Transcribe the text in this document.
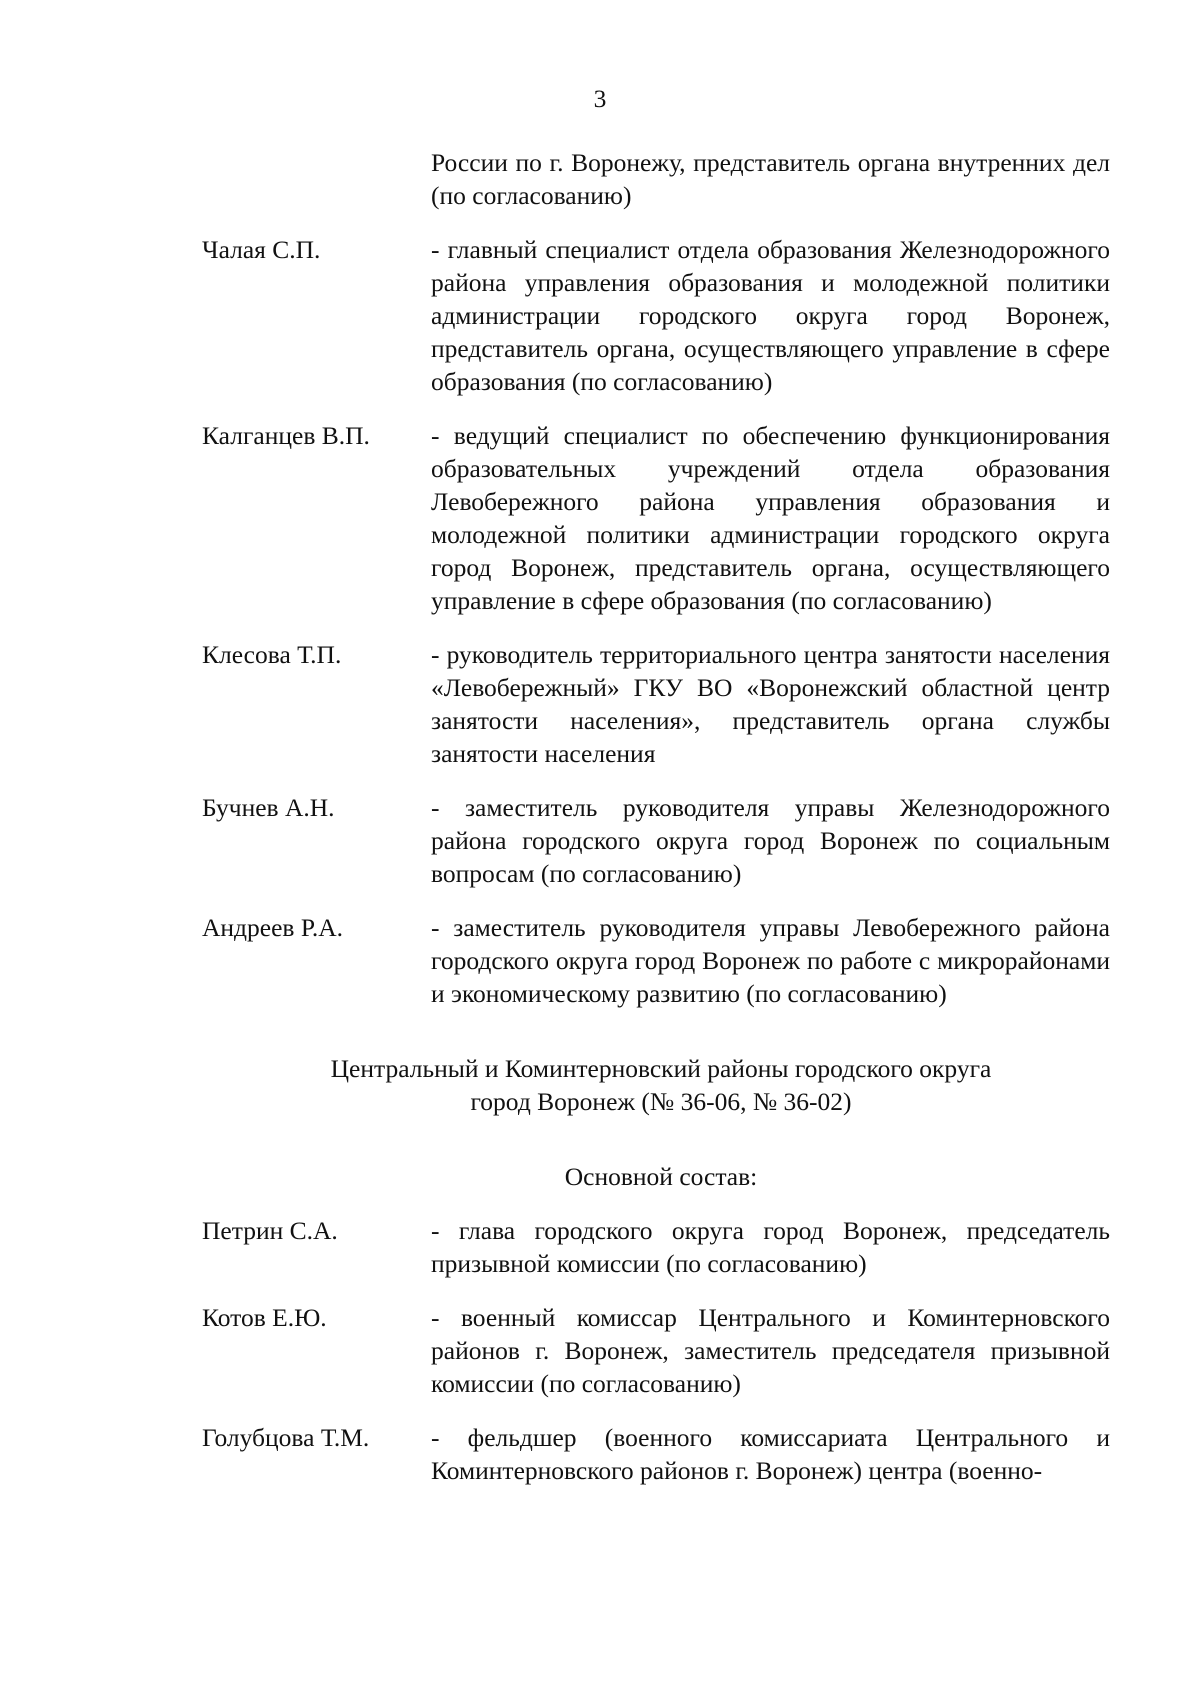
3
России по г. Воронежу, представитель органа внутренних дел (по согласованию)
Чалая С.П.	- главный специалист отдела образования Железнодорожного района управления образования и молодежной политики администрации городского округа город Воронеж, представитель органа, осуществляющего управление в сфере образования (по согласованию)
Калганцев В.П.	- ведущий специалист по обеспечению функционирования образовательных учреждений отдела образования Левобережного района управления образования и молодежной политики администрации городского округа город Воронеж, представитель органа, осуществляющего управление в сфере образования (по согласованию)
Клесова Т.П.	- руководитель территориального центра занятости населения «Левобережный» ГКУ ВО «Воронежский областной центр занятости населения», представитель органа службы занятости населения
Бучнев А.Н.	- заместитель руководителя управы Железнодорожного района городского округа город Воронеж по социальным вопросам (по согласованию)
Андреев Р.А.	- заместитель руководителя управы Левобережного района городского округа город Воронеж по работе с микрорайонами и экономическому развитию (по согласованию)
Центральный и Коминтерновский районы городского округа
город Воронеж (№ 36-06, № 36-02)
Основной состав:
Петрин С.А.	- глава городского округа город Воронеж, председатель призывной комиссии (по согласованию)
Котов Е.Ю.	- военный комиссар Центрального и Коминтерновского районов г. Воронеж, заместитель председателя призывной комиссии (по согласованию)
Голубцова Т.М.	- фельдшер (военного комиссариата Центрального и Коминтерновского районов г. Воронеж) центра (военно-
